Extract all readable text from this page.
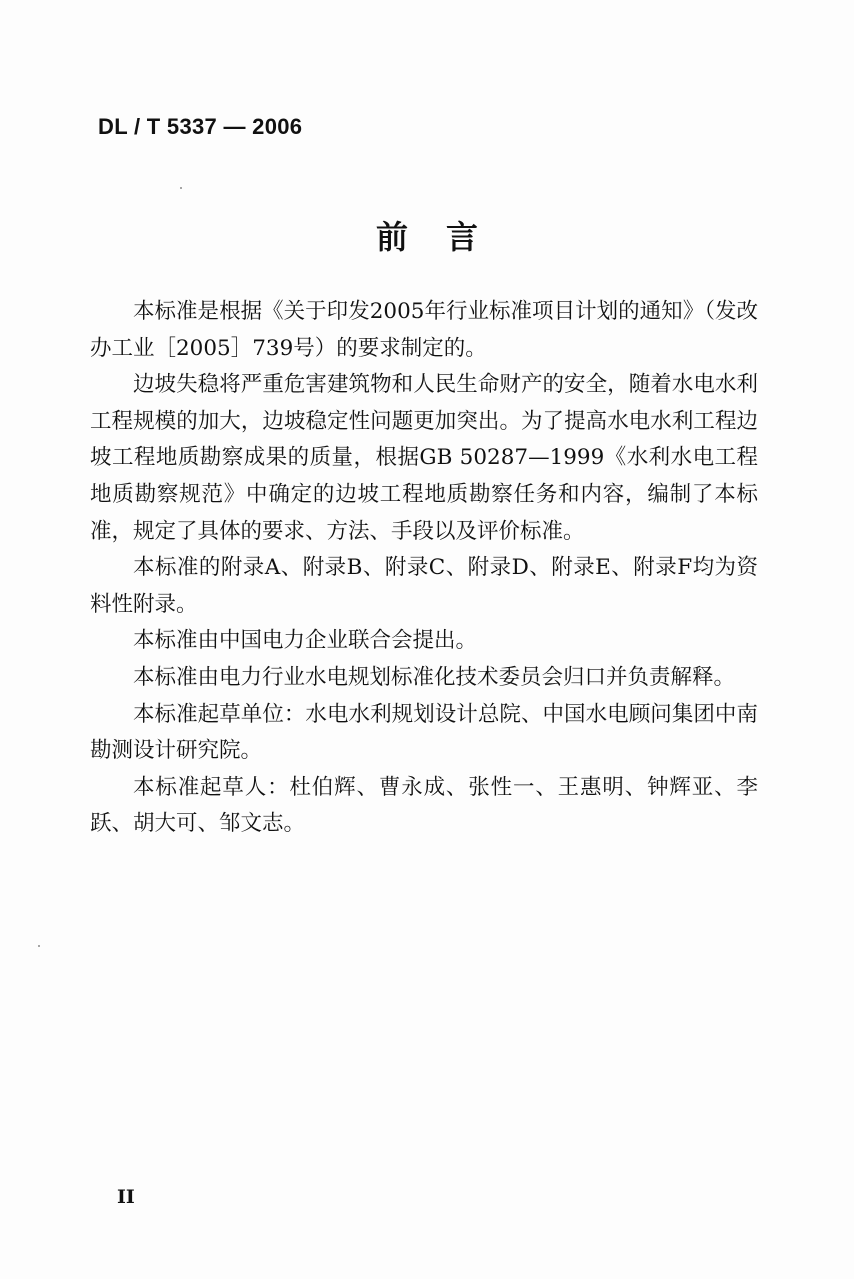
DL / T 5337 — 2006
前言

本标准是根据《关于印发2005年行业标准项目计划的通知》（发改办工业［2005］739号）的要求制定的。

边坡失稳将严重危害建筑物和人民生命财产的安全，随着水电水利工程规模的加大，边坡稳定性问题更加突出。为了提高水电水利工程边坡工程地质勘察成果的质量，根据GB 50287—1999《水利水电工程地质勘察规范》中确定的边坡工程地质勘察任务和内容，编制了本标准，规定了具体的要求、方法、手段以及评价标准。

本标准的附录A、附录B、附录C、附录D、附录E、附录F均为资料性附录。

本标准由中国电力企业联合会提出。

本标准由电力行业水电规划标准化技术委员会归口并负责解释。

本标准起草单位：水电水利规划设计总院、中国水电顾问集团中南勘测设计研究院。

本标准起草人：杜伯辉、曹永成、张性一、王惠明、钟辉亚、李跃、胡大可、邹文志。

II
